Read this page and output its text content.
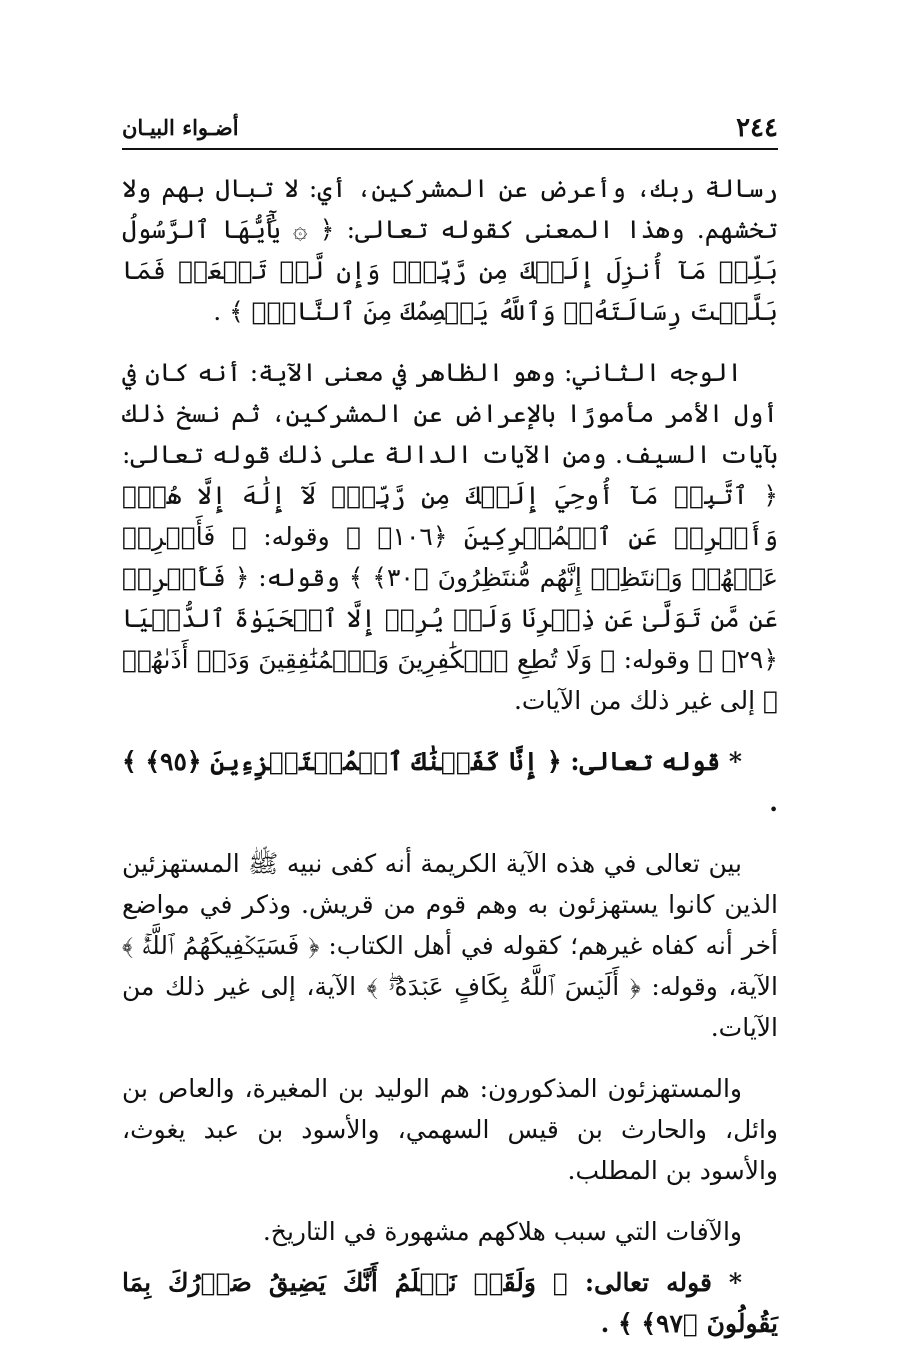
٢٤٤
أضـواء البيـان

رسالة ربك، وأعرض عن المشركين، أي: لا تبال بهم ولا تخشهم. وهذا المعنى كقوله تعالى: ﴿ ۞ يَٰٓأَيُّهَا ٱلرَّسُولُ بَلِّغۡ مَآ أُنزِلَ إِلَيۡكَ مِن رَّبِّكَۖ وَإِن لَّمۡ تَفۡعَلۡ فَمَا بَلَّغۡتَ رِسَالَتَهُۥۚ وَٱللَّهُ يَعۡصِمُكَ مِنَ ٱلنَّاسِۗ ﴾ .

الوجه الثاني: وهو الظاهر في معنى الآية: أنه كان في أول الأمر مأمورًا بالإعراض عن المشركين، ثم نسخ ذلك بآيات السيف. ومن الآيات الدالة على ذلك قوله تعالى: ﴿ ٱتَّبِعۡ مَآ أُوحِيَ إِلَيۡكَ مِن رَّبِّكَۖ لَآ إِلَٰهَ إِلَّا هُوَۖ وَأَعۡرِضۡ عَنِ ٱلۡمُشۡرِكِينَ ﴿١٠٦﴾ ﴾ وقوله: ﴿ فَأَعۡرِضۡ عَنۡهُمۡ وَٱنتَظِرۡ إِنَّهُم مُّنتَظِرُونَ ﴿٣٠﴾ ﴾ وقوله: ﴿ فَأَعۡرِضۡ عَن مَّن تَوَلَّىٰ عَن ذِكۡرِنَا وَلَمۡ يُرِدۡ إِلَّا ٱلۡحَيَوٰةَ ٱلدُّنۡيَا ﴿٢٩﴾ ﴾ وقوله: ﴿ وَلَا تُطِعِ ٱلۡكَٰفِرِينَ وَٱلۡمُنَٰفِقِينَ وَدَعۡ أَذَىٰهُمۡ ﴾ إلى غير ذلك من الآيات.

* قوله تعالى: ﴿ إِنَّا كَفَيۡنَٰكَ ٱلۡمُسۡتَهۡزِءِينَ ﴿٩٥﴾ ﴾ .

بين تعالى في هذه الآية الكريمة أنه كفى نبيه ﷺ المستهزئين الذين كانوا يستهزئون به وهم قوم من قريش. وذكر في مواضع أخر أنه كفاه غيرهم؛ كقوله في أهل الكتاب: ﴿ فَسَيَكۡفِيكَهُمُ ٱللَّهُۚ ﴾ الآية، وقوله: ﴿ أَلَيۡسَ ٱللَّهُ بِكَافٍ عَبۡدَهُۥۖ ﴾ الآية، إلى غير ذلك من الآيات.

والمستهزئون المذكورون: هم الوليد بن المغيرة، والعاص بن وائل، والحارث بن قيس السهمي، والأسود بن عبد يغوث، والأسود بن المطلب.

والآفات التي سبب هلاكهم مشهورة في التاريخ.

* قوله تعالى: ﴿ وَلَقَدۡ نَعۡلَمُ أَنَّكَ يَضِيقُ صَدۡرُكَ بِمَا يَقُولُونَ ﴿٩٧﴾ ﴾ .
